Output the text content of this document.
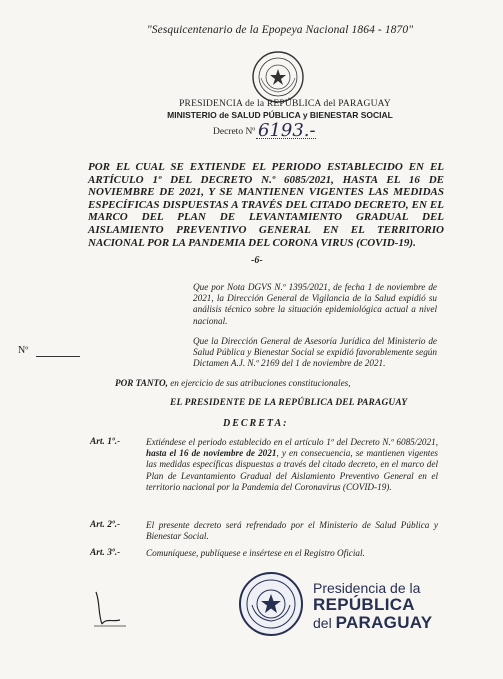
"Sesquicentenario de la Epopeya Nacional 1864 - 1870"
PRESIDENCIA de la REPÚBLICA del PARAGUAY
MINISTERIO de SALUD PÚBLICA y BIENESTAR SOCIAL
Decreto Nº 6193.-
POR EL CUAL SE EXTIENDE EL PERIODO ESTABLECIDO EN EL ARTÍCULO 1º DEL DECRETO N.º 6085/2021, HASTA EL 16 DE NOVIEMBRE DE 2021, Y SE MANTIENEN VIGENTES LAS MEDIDAS ESPECÍFICAS DISPUESTAS A TRAVÉS DEL CITADO DECRETO, EN EL MARCO DEL PLAN DE LEVANTAMIENTO GRADUAL DEL AISLAMIENTO PREVENTIVO GENERAL EN EL TERRITORIO NACIONAL POR LA PANDEMIA DEL CORONA VIRUS (COVID-19).
-6-
Que por Nota DGVS N.º 1395/2021, de fecha 1 de noviembre de 2021, la Dirección General de Vigilancia de la Salud expidió su análisis técnico sobre la situación epidemiológica actual a nivel nacional.
Que la Dirección General de Asesoría Jurídica del Ministerio de Salud Pública y Bienestar Social se expidió favorablemente según Dictamen A.J. N.º 2169 del 1 de noviembre de 2021.
Nº
POR TANTO, en ejercicio de sus atribuciones constitucionales,
EL PRESIDENTE DE LA REPÚBLICA DEL PARAGUAY
DECRETA:
Art. 1º.-	Extiéndese el periodo establecido en el artículo 1º del Decreto N.º 6085/2021, hasta el 16 de noviembre de 2021, y en consecuencia, se mantienen vigentes las medidas específicas dispuestas a través del citado decreto, en el marco del Plan de Levantamiento Gradual del Aislamiento Preventivo General en el territorio nacional por la Pandemia del Coronavirus (COVID-19).
Art. 2º.-	El presente decreto será refrendado por el Ministerio de Salud Pública y Bienestar Social.
Art. 3º.-	Comuníquese, publíquese e insértese en el Registro Oficial.
Presidencia de la
REPÚBLICA
del PARAGUAY
